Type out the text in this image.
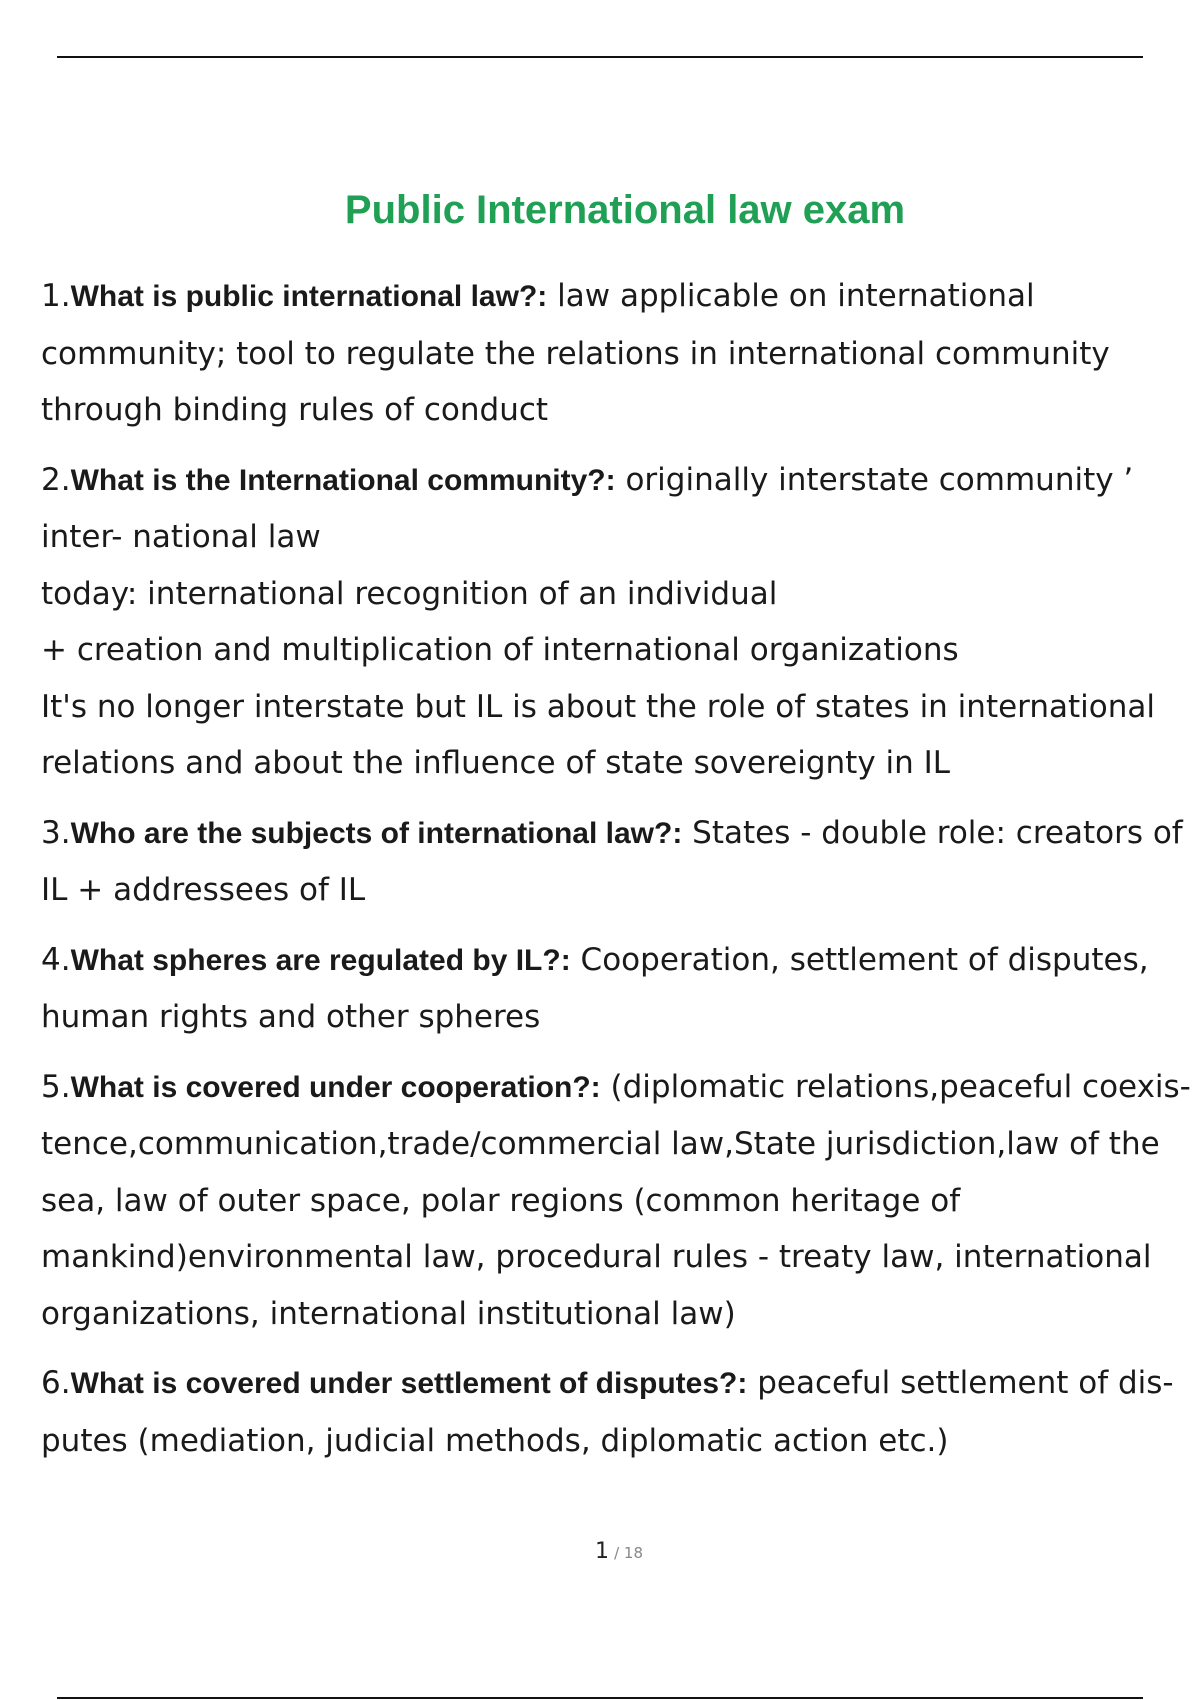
Public International law exam
1.What is public international law?: law applicable on international community; tool to regulate the relations in international community through binding rules of conduct
2.What is the International community?: originally interstate community ’ inter- national law
today: international recognition of an individual
+ creation and multiplication of international organizations
It's no longer interstate but IL is about the role of states in international relations and about the influence of state sovereignty in IL
3.Who are the subjects of international law?: States - double role: creators of IL + addressees of IL
4.What spheres are regulated by IL?: Cooperation, settlement of disputes, human rights and other spheres
5.What is covered under cooperation?: (diplomatic relations,peaceful coexis- tence,communication,trade/commercial law,State jurisdiction,law of the sea, law of outer space, polar regions (common heritage of mankind)environmental law, procedural rules - treaty law, international organizations, international institutional law)
6.What is covered under settlement of disputes?: peaceful settlement of dis- putes (mediation, judicial methods, diplomatic action etc.)
1 / 18
